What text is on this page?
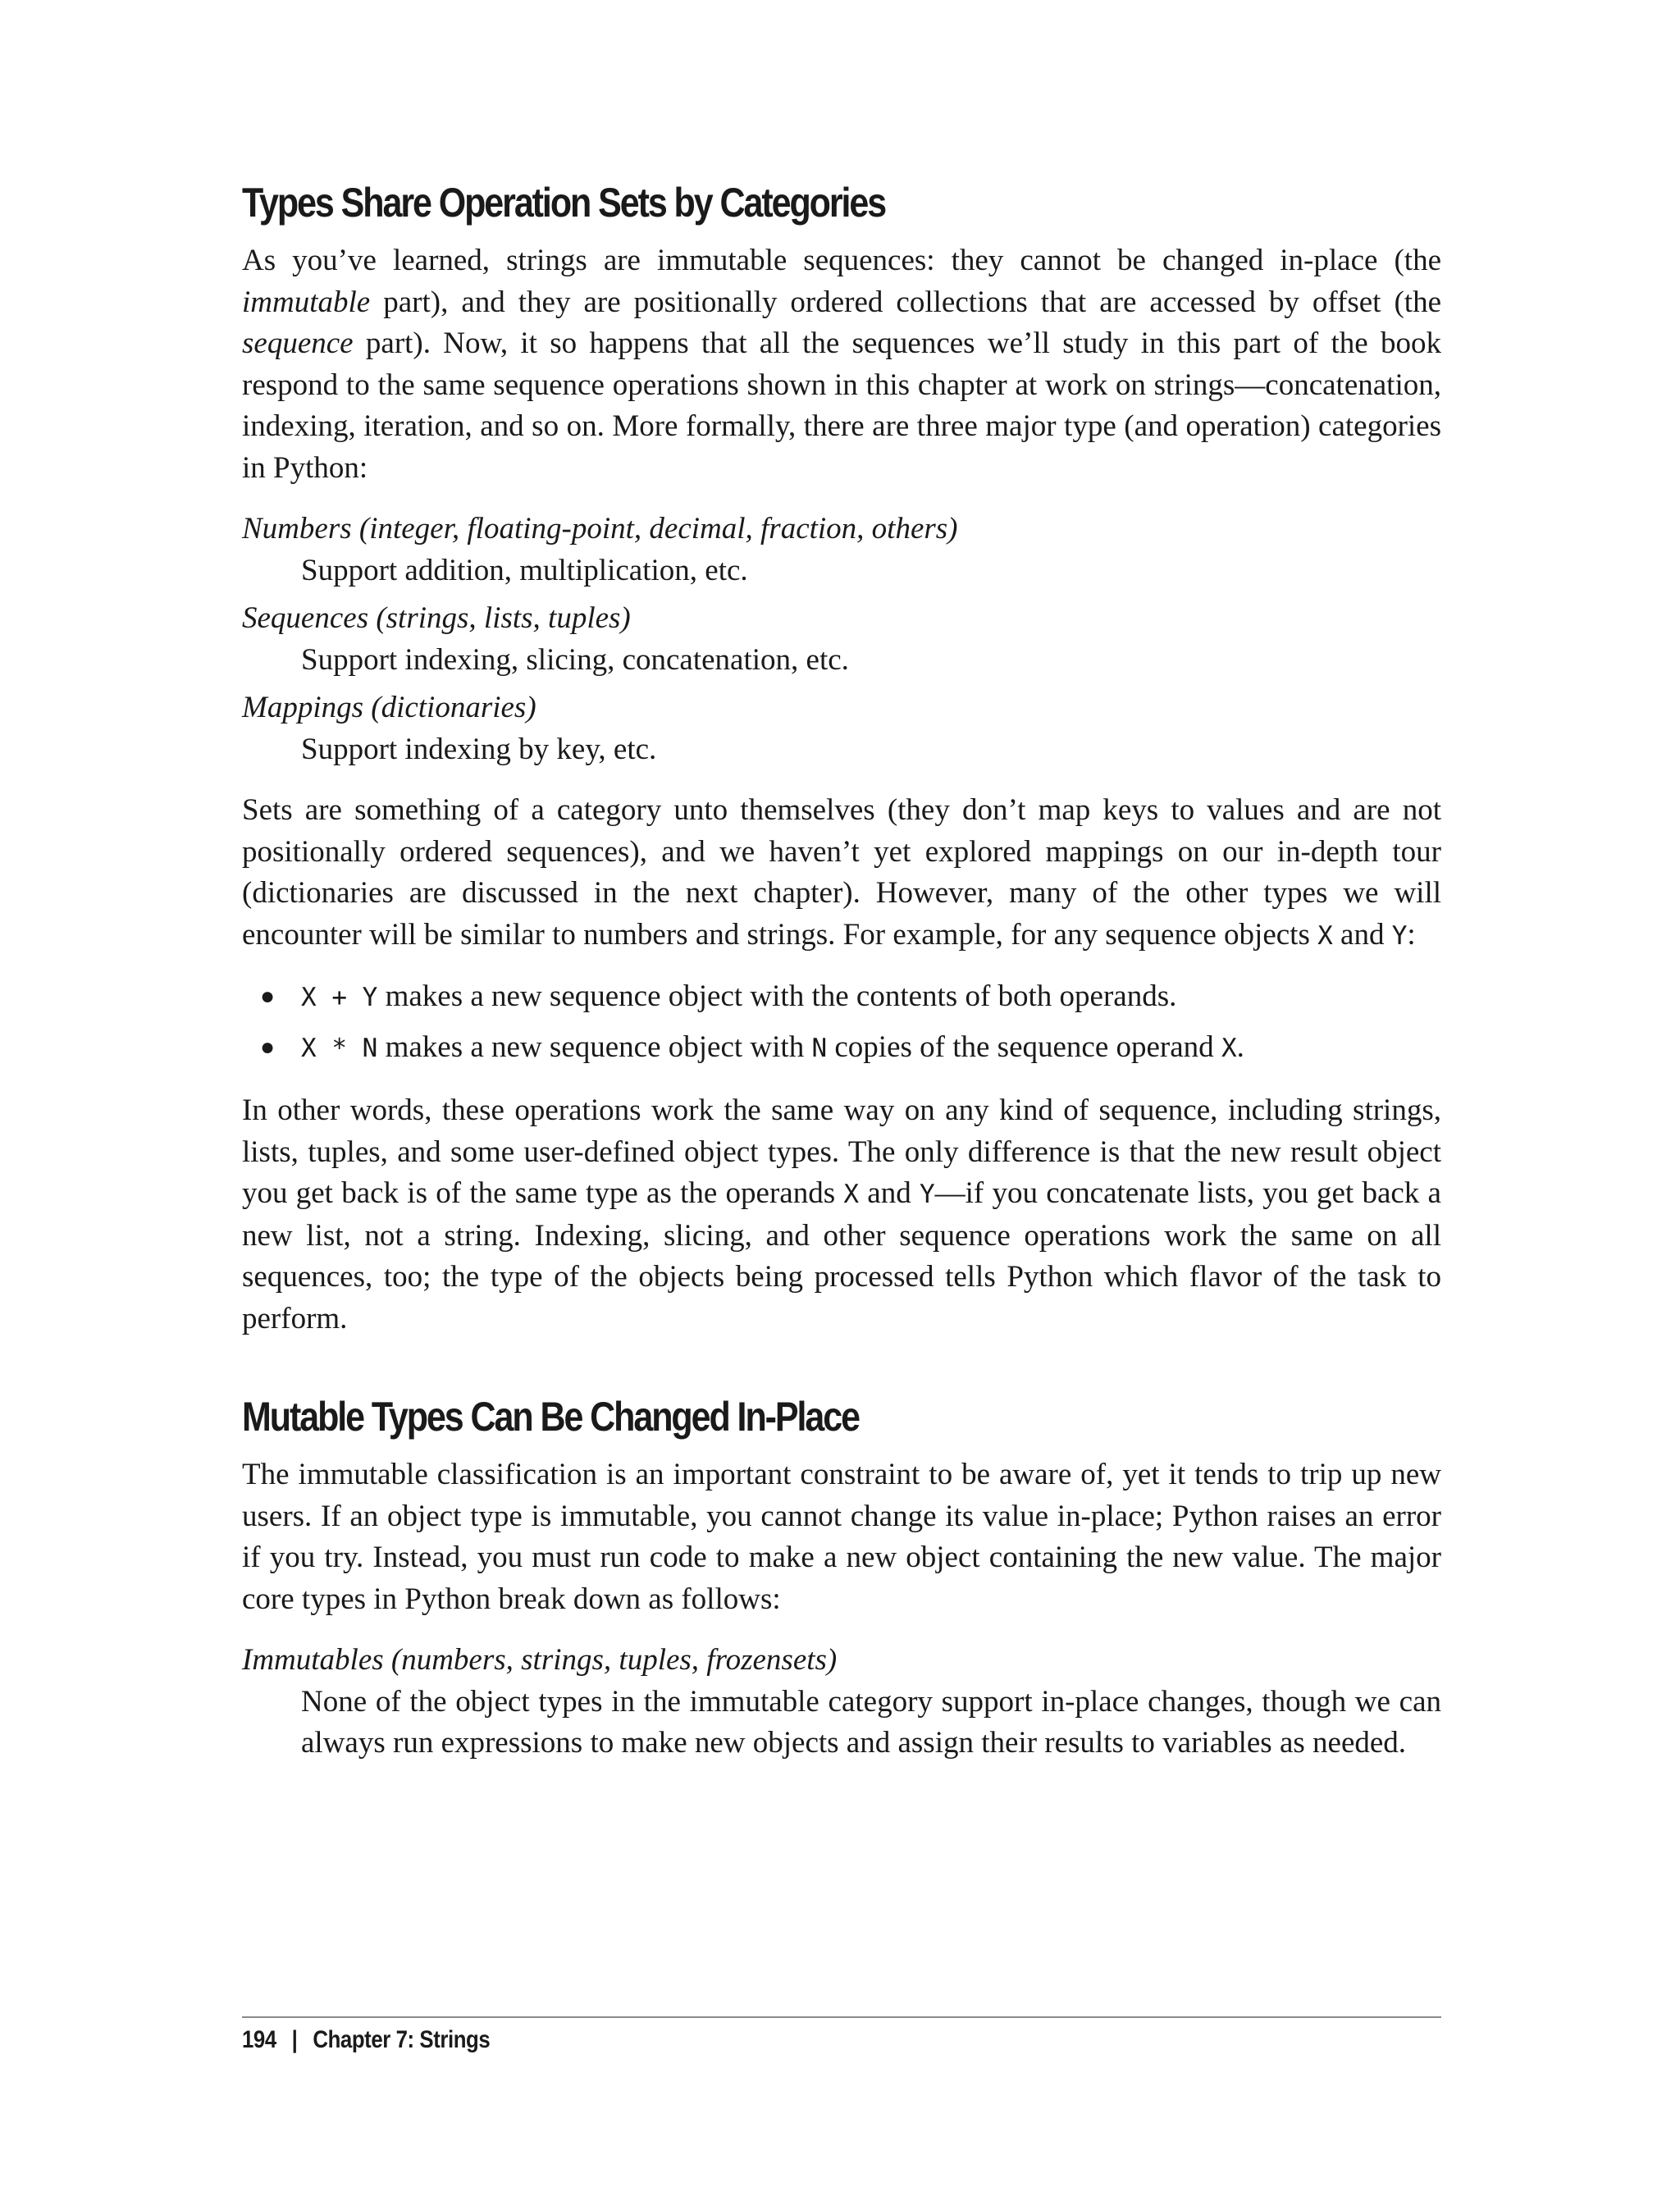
Types Share Operation Sets by Categories

As you’ve learned, strings are immutable sequences: they cannot be changed in-place (the immutable part), and they are positionally ordered collections that are accessed by offset (the sequence part). Now, it so happens that all the sequences we’ll study in this part of the book respond to the same sequence operations shown in this chapter at work on strings—concatenation, indexing, iteration, and so on. More formally, there are three major type (and operation) categories in Python:

Numbers (integer, floating-point, decimal, fraction, others)
Support addition, multiplication, etc.
Sequences (strings, lists, tuples)
Support indexing, slicing, concatenation, etc.
Mappings (dictionaries)
Support indexing by key, etc.

Sets are something of a category unto themselves (they don’t map keys to values and are not positionally ordered sequences), and we haven’t yet explored mappings on our in-depth tour (dictionaries are discussed in the next chapter). However, many of the other types we will encounter will be similar to numbers and strings. For example, for any sequence objects X and Y:

● X + Y makes a new sequence object with the contents of both operands.
● X * N makes a new sequence object with N copies of the sequence operand X.

In other words, these operations work the same way on any kind of sequence, including strings, lists, tuples, and some user-defined object types. The only difference is that the new result object you get back is of the same type as the operands X and Y—if you concatenate lists, you get back a new list, not a string. Indexing, slicing, and other sequence operations work the same on all sequences, too; the type of the objects being processed tells Python which flavor of the task to perform.

Mutable Types Can Be Changed In-Place

The immutable classification is an important constraint to be aware of, yet it tends to trip up new users. If an object type is immutable, you cannot change its value in-place; Python raises an error if you try. Instead, you must run code to make a new object containing the new value. The major core types in Python break down as follows:

Immutables (numbers, strings, tuples, frozensets)
None of the object types in the immutable category support in-place changes, though we can always run expressions to make new objects and assign their results to variables as needed.
194 | Chapter 7: Strings
